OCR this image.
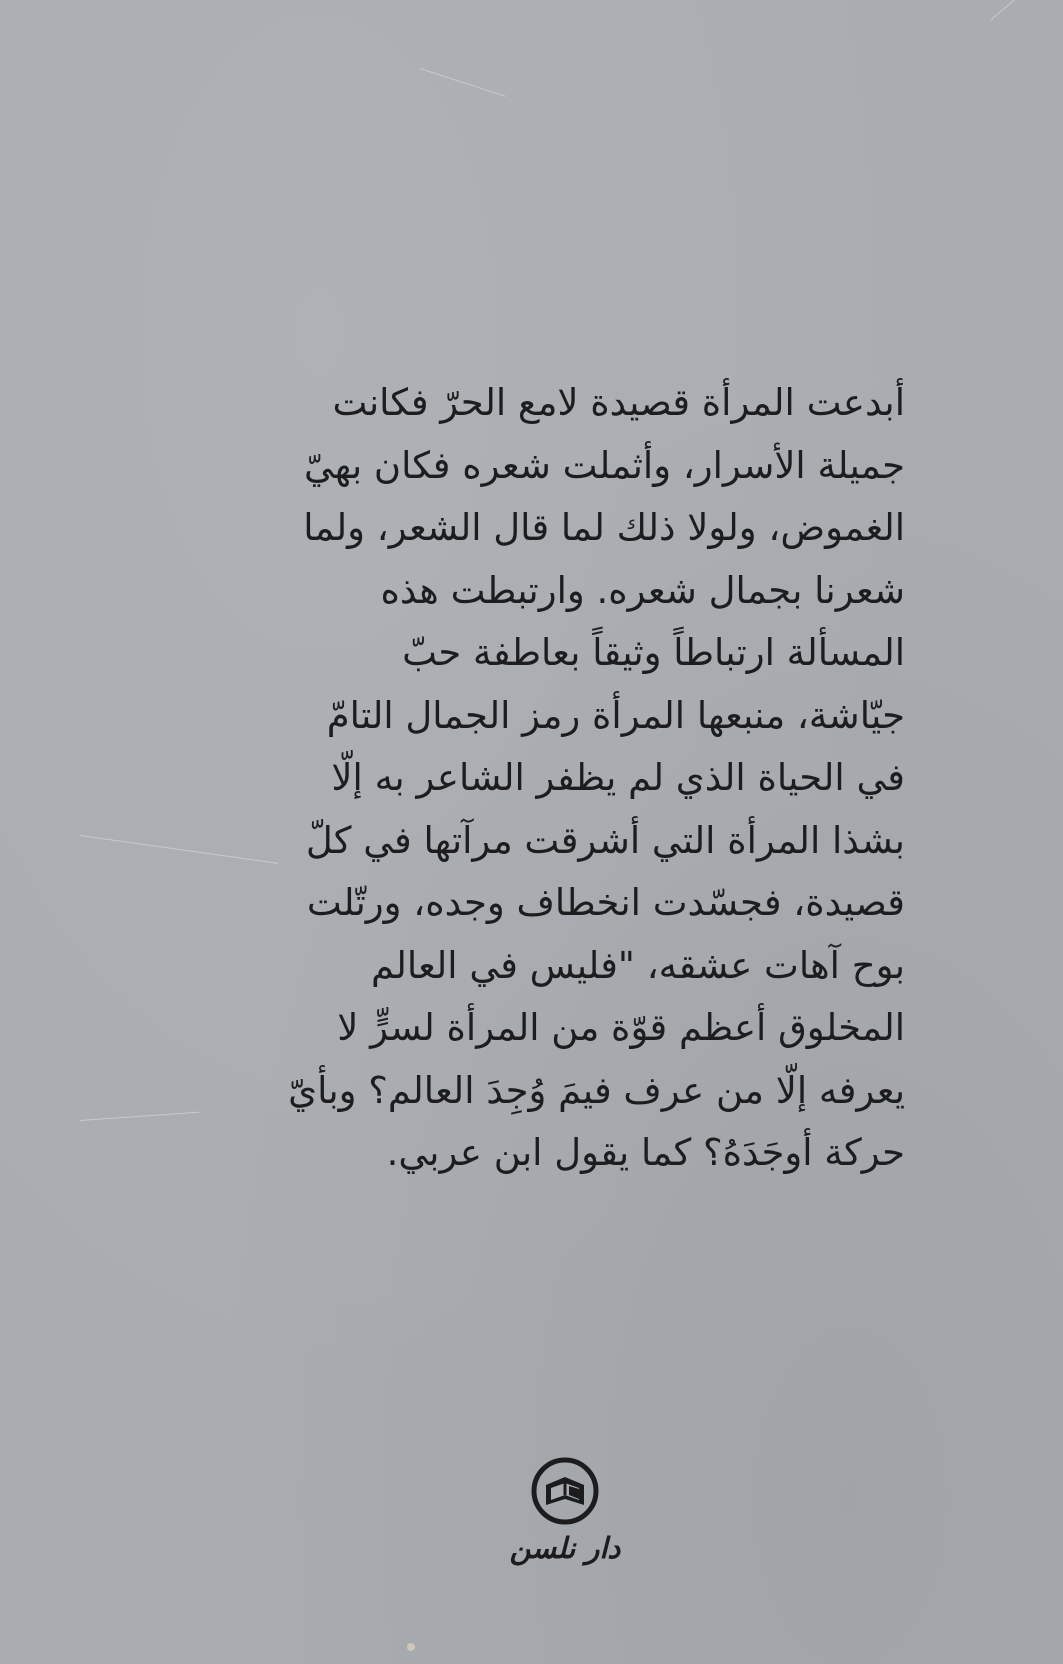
أبدعت المرأة قصيدة لامع الحرّ فكانت
جميلة الأسرار، وأثملت شعره فكان بهيّ
الغموض، ولولا ذلك لما قال الشعر، ولما
شعرنا بجمال شعره. وارتبطت هذه
المسألة ارتباطاً وثيقاً بعاطفة حبّ
جيّاشة، منبعها المرأة رمز الجمال التامّ
في الحياة الذي لم يظفر الشاعر به إلّا
بشذا المرأة التي أشرقت مرآتها في كلّ
قصيدة، فجسّدت انخطاف وجده، ورتّلت
بوح آهات عشقه، "فليس في العالم
المخلوق أعظم قوّة من المرأة لسرٍّ لا
يعرفه إلّا من عرف فيمَ وُجِدَ العالم؟ وبأيّ
حركة أوجَدَهُ؟ كما يقول ابن عربي.
دار نلسن
